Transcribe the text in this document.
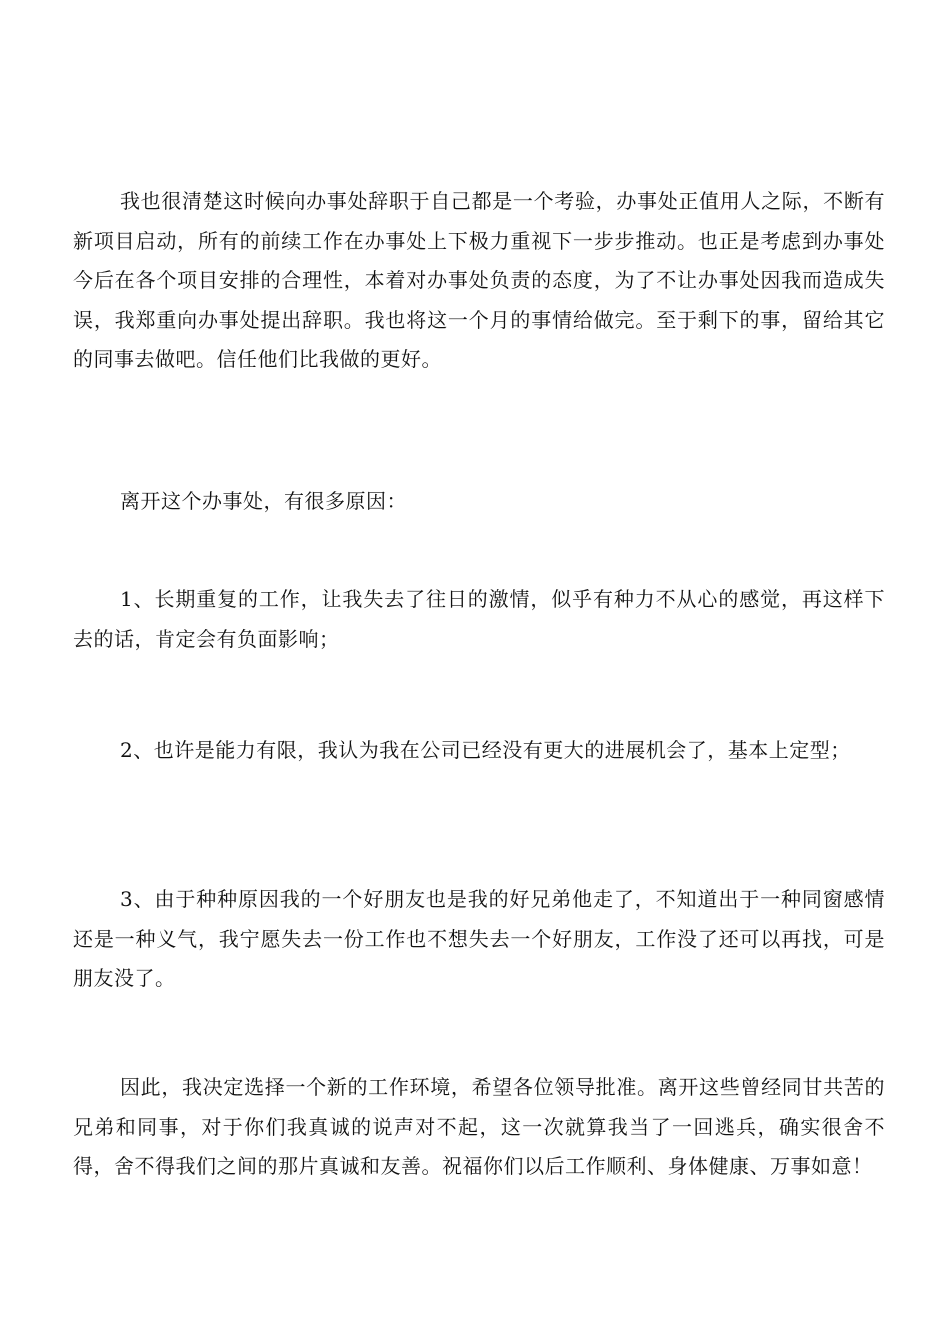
我也很清楚这时候向办事处辞职于自己都是一个考验，办事处正值用人之际，不断有新项目启动，所有的前续工作在办事处上下极力重视下一步步推动。也正是考虑到办事处今后在各个项目安排的合理性，本着对办事处负责的态度，为了不让办事处因我而造成失误，我郑重向办事处提出辞职。我也将这一个月的事情给做完。至于剩下的事，留给其它的同事去做吧。信任他们比我做的更好。

离开这个办事处，有很多原因：

1、长期重复的工作，让我失去了往日的激情，似乎有种力不从心的感觉，再这样下去的话，肯定会有负面影响；

2、也许是能力有限，我认为我在公司已经没有更大的进展机会了，基本上定型；

3、由于种种原因我的一个好朋友也是我的好兄弟他走了，不知道出于一种同窗感情还是一种义气，我宁愿失去一份工作也不想失去一个好朋友，工作没了还可以再找，可是朋友没了。

因此，我决定选择一个新的工作环境，希望各位领导批准。离开这些曾经同甘共苦的兄弟和同事，对于你们我真诚的说声对不起，这一次就算我当了一回逃兵，确实很舍不得，舍不得我们之间的那片真诚和友善。祝福你们以后工作顺利、身体健康、万事如意！
